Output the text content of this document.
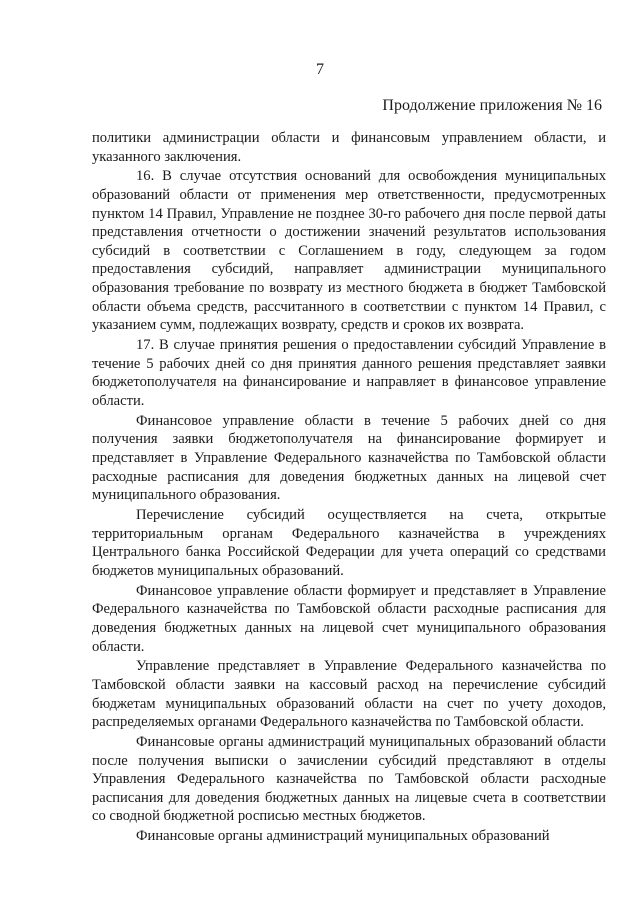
7
Продолжение приложения № 16

политики администрации области и финансовым управлением области, и указанного заключения.

16. В случае отсутствия оснований для освобождения муниципальных образований области от применения мер ответственности, предусмотренных пунктом 14 Правил, Управление не позднее 30-го рабочего дня после первой даты представления отчетности о достижении значений результатов использования субсидий в соответствии с Соглашением в году, следующем за годом предоставления субсидий, направляет администрации муниципального образования требование по возврату из местного бюджета в бюджет Тамбовской области объема средств, рассчитанного в соответствии с пунктом 14 Правил, с указанием сумм, подлежащих возврату, средств и сроков их возврата.

17. В случае принятия решения о предоставлении субсидий Управление в течение 5 рабочих дней со дня принятия данного решения представляет заявки бюджетополучателя на финансирование и направляет в финансовое управление области.

Финансовое управление области в течение 5 рабочих дней со дня получения заявки бюджетополучателя на финансирование формирует и представляет в Управление Федерального казначейства по Тамбовской области расходные расписания для доведения бюджетных данных на лицевой счет муниципального образования.

Перечисление субсидий осуществляется на счета, открытые территориальным органам Федерального казначейства в учреждениях Центрального банка Российской Федерации для учета операций со средствами бюджетов муниципальных образований.

Финансовое управление области формирует и представляет в Управление Федерального казначейства по Тамбовской области расходные расписания для доведения бюджетных данных на лицевой счет муниципального образования области.

Управление представляет в Управление Федерального казначейства по Тамбовской области заявки на кассовый расход на перечисление субсидий бюджетам муниципальных образований области на счет по учету доходов, распределяемых органами Федерального казначейства по Тамбовской области.

Финансовые органы администраций муниципальных образований области после получения выписки о зачислении субсидий представляют в отделы Управления Федерального казначейства по Тамбовской области расходные расписания для доведения бюджетных данных на лицевые счета в соответствии со сводной бюджетной росписью местных бюджетов.

Финансовые органы администраций муниципальных образований
